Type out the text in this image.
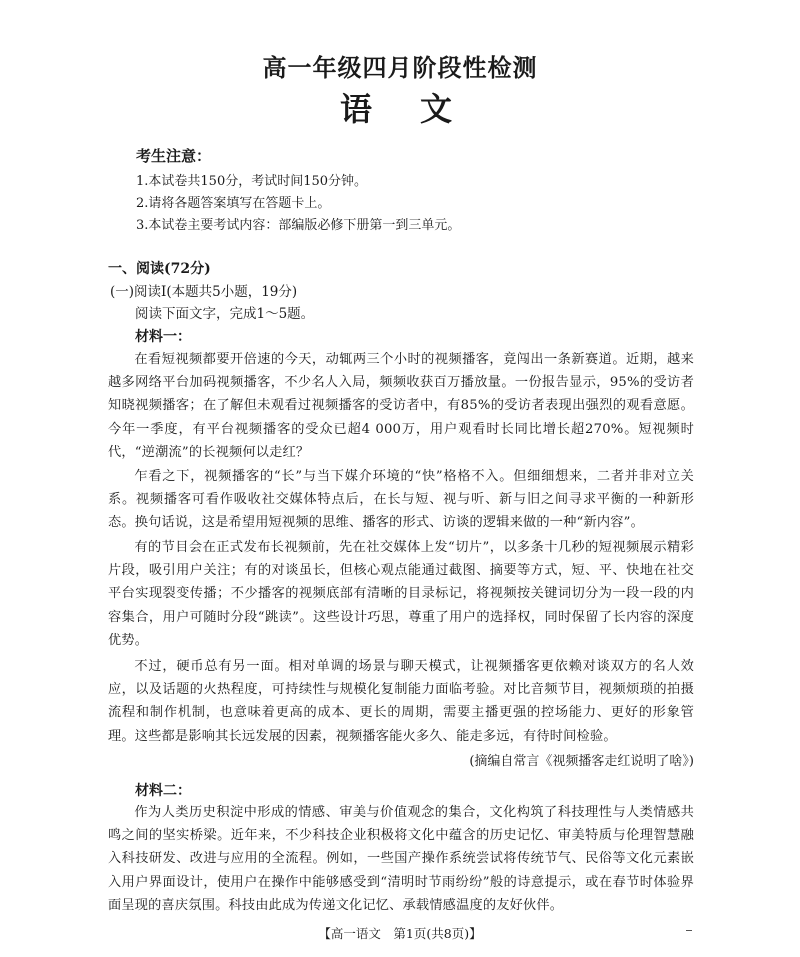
高一年级四月阶段性检测
语文
考生注意：
1.本试卷共150分，考试时间150分钟。
2.请将各题答案填写在答题卡上。
3.本试卷主要考试内容：部编版必修下册第一到三单元。
一、阅读(72分)
(一)阅读Ⅰ(本题共5小题，19分)
阅读下面文字，完成1～5题。
材料一：

在看短视频都要开倍速的今天，动辄两三个小时的视频播客，竟闯出一条新赛道。近期，越来越多网络平台加码视频播客，不少名人入局，频频收获百万播放量。一份报告显示，95%的受访者知晓视频播客；在了解但未观看过视频播客的受访者中，有85%的受访者表现出强烈的观看意愿。今年一季度，有平台视频播客的受众已超4 000万，用户观看时长同比增长超270%。短视频时代，“逆潮流”的长视频何以走红？

乍看之下，视频播客的“长”与当下媒介环境的“快”格格不入。但细细想来，二者并非对立关系。视频播客可看作吸收社交媒体特点后，在长与短、视与听、新与旧之间寻求平衡的一种新形态。换句话说，这是希望用短视频的思维、播客的形式、访谈的逻辑来做的一种“新内容”。

有的节目会在正式发布长视频前，先在社交媒体上发“切片”，以多条十几秒的短视频展示精彩片段，吸引用户关注；有的对谈虽长，但核心观点能通过截图、摘要等方式，短、平、快地在社交平台实现裂变传播；不少播客的视频底部有清晰的目录标记，将视频按关键词切分为一段一段的内容集合，用户可随时分段“跳读”。这些设计巧思，尊重了用户的选择权，同时保留了长内容的深度优势。

不过，硬币总有另一面。相对单调的场景与聊天模式，让视频播客更依赖对谈双方的名人效应，以及话题的火热程度，可持续性与规模化复制能力面临考验。对比音频节目，视频烦琐的拍摄流程和制作机制，也意味着更高的成本、更长的周期，需要主播更强的控场能力、更好的形象管理。这些都是影响其长远发展的因素，视频播客能火多久、能走多远，有待时间检验。

(摘编自常言《视频播客走红说明了啥》)
材料二：

作为人类历史积淀中形成的情感、审美与价值观念的集合，文化构筑了科技理性与人类情感共鸣之间的坚实桥梁。近年来，不少科技企业积极将文化中蕴含的历史记忆、审美特质与伦理智慧融入科技研发、改进与应用的全流程。例如，一些国产操作系统尝试将传统节气、民俗等文化元素嵌入用户界面设计，使用户在操作中能够感受到“清明时节雨纷纷”般的诗意提示，或在春节时体验界面呈现的喜庆氛围。科技由此成为传递文化记忆、承载情感温度的友好伙伴。

【高一语文　第1页(共8页)】
